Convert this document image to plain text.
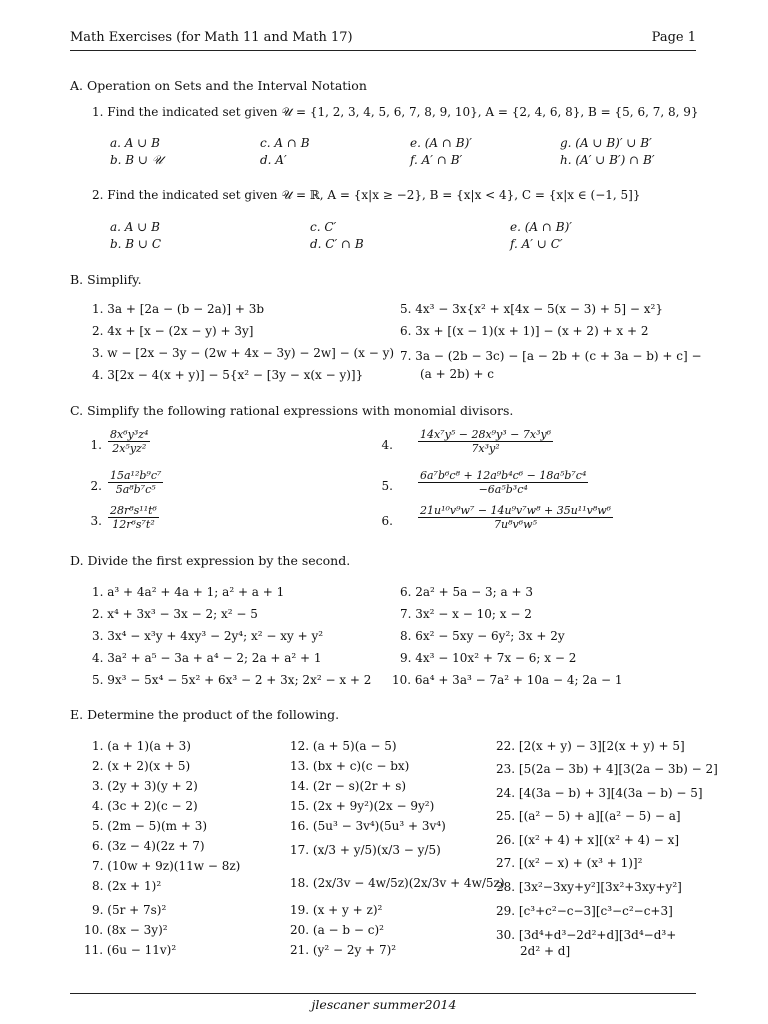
Math Exercises (for Math 11 and Math 17)	Page 1
A. Operation on Sets and the Interval Notation
1. Find the indicated set given 𝒰 = {1, 2, 3, 4, 5, 6, 7, 8, 9, 10}, A = {2, 4, 6, 8}, B = {5, 6, 7, 8, 9}
a. A ∪ B
b. B ∪ 𝒰
c. A ∩ B
d. A′
e. (A ∩ B)′
f. A′ ∩ B′
g. (A ∪ B)′ ∪ B′
h. (A′ ∪ B′) ∩ B′
2. Find the indicated set given 𝒰 = ℝ, A = {x|x ≥ −2}, B = {x|x < 4}, C = {x|x ∈ (−1, 5]}
a. A ∪ B
b. B ∪ C
c. C′
d. C′ ∩ B
e. (A ∩ B)′
f. A′ ∪ C′
B. Simplify.
1. 3a + [2a − (b − 2a)] + 3b
2. 4x + [x − (2x − y) + 3y]
3. w − [2x − 3y − (2w + 4x − 3y) − 2w] − (x − y)
4. 3[2x − 4(x + y)] − 5{x² − [3y − x(x − y)]}
5. 4x³ − 3x{x² + x[4x − 5(x − 3) + 5] − x²}
6. 3x + [(x − 1)(x + 1)] − (x + 2) + x + 2
7. 3a − (2b − 3c) − [a − 2b + (c + 3a − b) + c] −
(a + 2b) + c
C. Simplify the following rational expressions with monomial divisors.
1. $\frac{\text{8x⁶y³z⁴}}{\text{2x⁵yz²}}$
2. $\frac{\text{15a¹²b⁹c⁷}}{\text{5a⁸b⁷c⁵}}$
3. $\frac{\text{28r⁸s¹¹t⁶}}{\text{12r⁶s⁷t²}}$
4. $\frac{\text{14x⁷y⁵ − 28x⁹y³ − 7x³y⁶}}{\text{7x³y²}}$
5. $\frac{\text{6a⁷b⁶c⁸ + 12a⁹b⁴c⁶ − 18a⁵b⁷c⁴}}{\text{−6a⁵b³c⁴}}$
6. $\frac{\text{21u¹⁰v⁹w⁷ − 14u⁹v⁷w⁸ + 35u¹¹v⁸w⁶}}{\text{7u⁸v⁶w⁵}}$
D. Divide the first expression by the second.
1. a³ + 4a² + 4a + 1; a² + a + 1
2. x⁴ + 3x³ − 3x − 2; x² − 5
3. 3x⁴ − x³y + 4xy³ − 2y⁴; x² − xy + y²
4. 3a² + a⁵ − 3a + a⁴ − 2; 2a + a² + 1
5. 9x³ − 5x⁴ − 5x² + 6x³ − 2 + 3x; 2x² − x + 2
6. 2a² + 5a − 3; a + 3
7. 3x² − x − 10; x − 2
8. 6x² − 5xy − 6y²; 3x + 2y
9. 4x³ − 10x² + 7x − 6; x − 2
10. 6a⁴ + 3a³ − 7a² + 10a − 4; 2a − 1
E. Determine the product of the following.
1. (a + 1)(a + 3)
2. (x + 2)(x + 5)
3. (2y + 3)(y + 2)
4. (3c + 2)(c − 2)
5. (2m − 5)(m + 3)
6. (3z − 4)(2z + 7)
7. (10w + 9z)(11w − 8z)
8. (2x + 1)²
9. (5r + 7s)²
10. (8x − 3y)²
11. (6u − 11v)²
12. (a + 5)(a − 5)
13. (bx + c)(c − bx)
14. (2r − s)(2r + s)
15. (2x + 9y²)(2x − 9y²)
16. (5u³ − 3v⁴)(5u³ + 3v⁴)
17. (x/3 + y/5)(x/3 − y/5)
18. (2x/3v − 4w/5z)(2x/3v + 4w/5z)
19. (x + y + z)²
20. (a − b − c)²
21. (y² − 2y + 7)²
22. [2(x + y) − 3][2(x + y) + 5]
23. [5(2a − 3b) + 4][3(2a − 3b) − 2]
24. [4(3a − b) + 3][4(3a − b) − 5]
25. [(a² − 5) + a][(a² − 5) − a]
26. [(x² + 4) + x][(x² + 4) − x]
27. [(x² − x) + (x³ + 1)]²
28. [3x²−3xy+y²][3x²+3xy+y²]
29. [c³+c²−c−3][c³−c²−c+3]
30. [3d⁴+d³−2d²+d][3d⁴−d³+
2d² + d]
jlescaner summer2014
